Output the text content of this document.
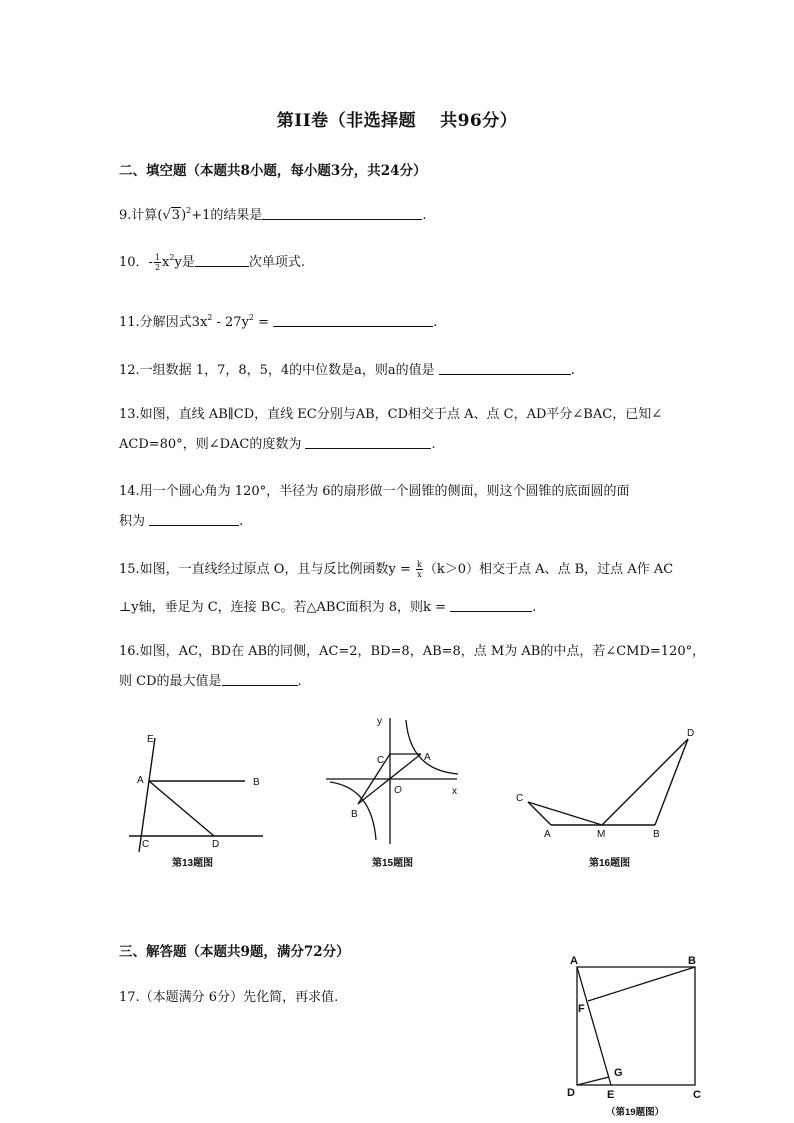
第II卷（非选择题　 共96分）
二、填空题（本题共8小题，每小题3分，共24分）
9.计算$(√3)^2+1$的结果是	.
10．- $\frac{1}{2} x^2y$是	次单项式.
11.分解因式$3x^2 - 27y^2$ =	.
12.一组数据 1，7，8，5，4的中位数是a，则a的值是	.
13.如图，直线 AB∥CD，直线 EC分别与AB，CD相交于点 A、点 C，AD平分∠BAC，已知∠
ACD=80°，则∠DAC的度数为	.
14.用一个圆心角为 120°，半径为 6的扇形做一个圆锥的侧面，则这个圆锥的底面圆的面
积为	.
15.如图，一直线经过原点 O，且与反比例函数$y = \frac{k}{x} (k>0)$相交于点 A、点 B，过点 A作 AC
⊥y轴，垂足为 C，连接 BC。若△ABC面积为 8，则k =	.
16.如图，AC，BD在 AB的同侧，AC=2，BD=8，AB=8，点 M为 AB的中点，若∠CMD=120°，
则 CD的最大值是	.
E
A	B
C	D
第13题图
y
x
O
A
C
B
第15题图
C
A	M	B
D
第16题图
三、解答题（本题共9题，满分72分）
17.（本题满分 6分）先化简，再求值.
A	B
F
G
D	E	C
（第19题图）
